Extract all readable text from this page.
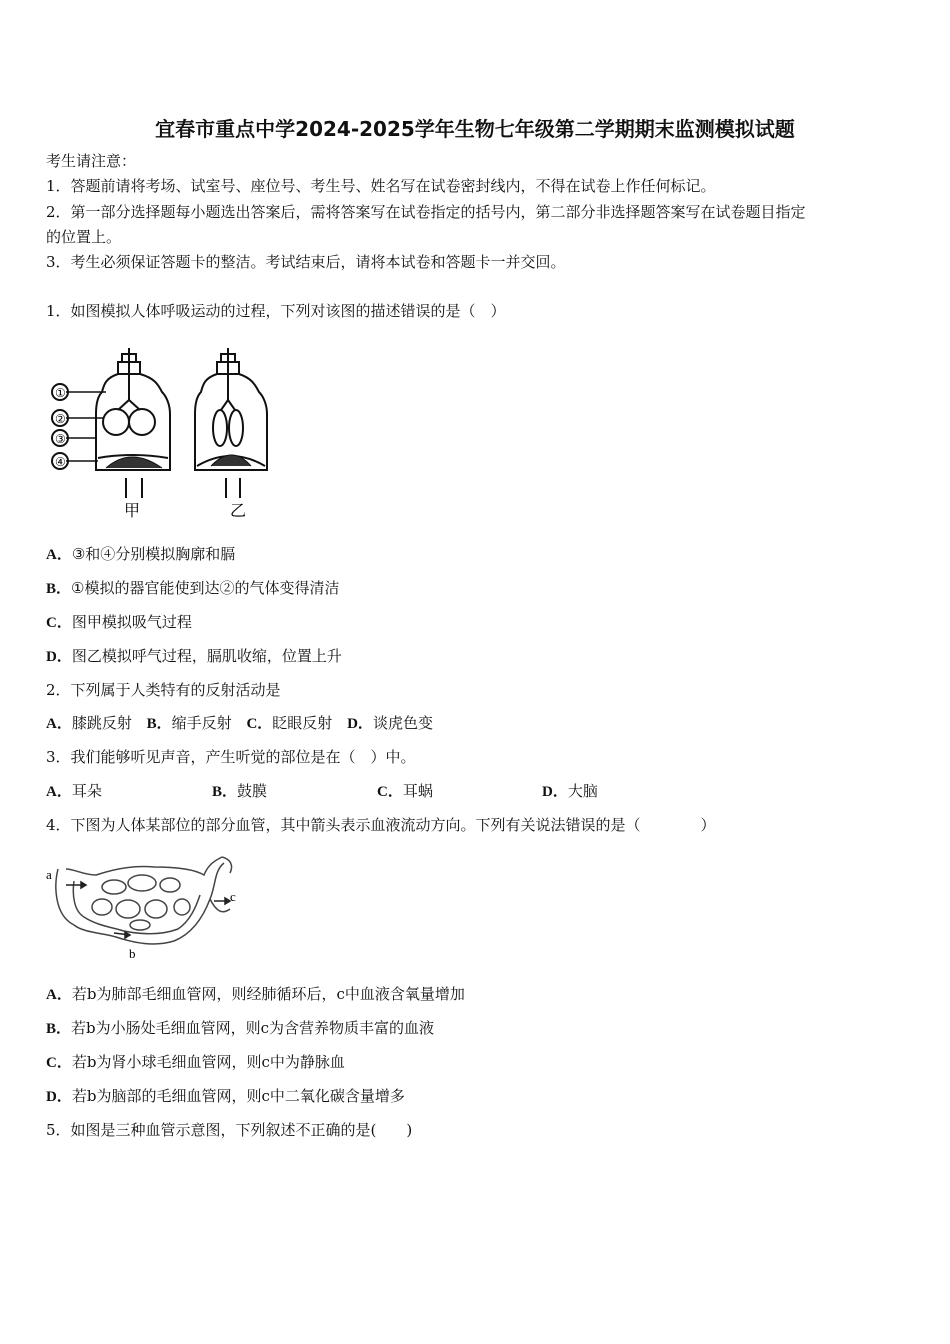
宜春市重点中学2024-2025学年生物七年级第二学期期末监测模拟试题
考生请注意：
1．答题前请将考场、试室号、座位号、考生号、姓名写在试卷密封线内，不得在试卷上作任何标记。
2．第一部分选择题每小题选出答案后，需将答案写在试卷指定的括号内，第二部分非选择题答案写在试卷题目指定
的位置上。
3．考生必须保证答题卡的整洁。考试结束后，请将本试卷和答题卡一并交回。
1．如图模拟人体呼吸运动的过程，下列对该图的描述错误的是（　）
①
②
③
④
甲	乙
A．③和④分别模拟胸廓和膈
B．①模拟的器官能使到达②的气体变得清洁
C．图甲模拟吸气过程
D．图乙模拟呼气过程，膈肌收缩，位置上升
2．下列属于人类特有的反射活动是
A．膝跳反射 B．缩手反射 C．眨眼反射 D．谈虎色变
3．我们能够听见声音，产生听觉的部位是在（　）中。
A．耳朵	B．鼓膜	C．耳蜗	D．大脑
4．下图为人体某部位的部分血管，其中箭头表示血液流动方向。下列有关说法错误的是（　　　　）
a
b
c
A．若b为肺部毛细血管网，则经肺循环后，c中血液含氧量增加
B．若b为小肠处毛细血管网，则c为含营养物质丰富的血液
C．若b为肾小球毛细血管网，则c中为静脉血
D．若b为脑部的毛细血管网，则c中二氧化碳含量增多
5．如图是三种血管示意图，下列叙述不正确的是(　　)
